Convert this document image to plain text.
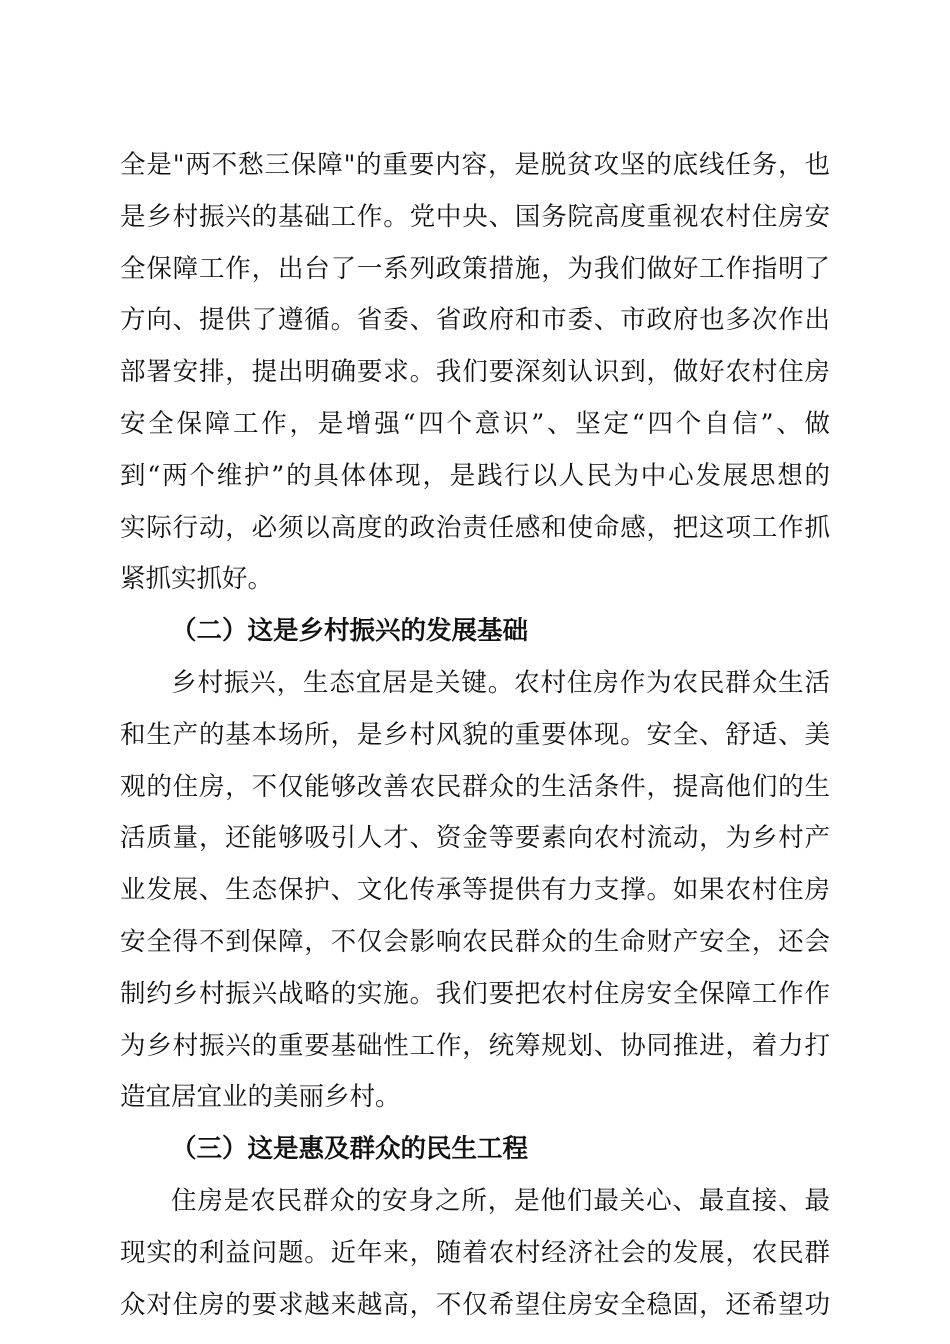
全是"两不愁三保障"的重要内容，是脱贫攻坚的底线任务，也
是乡村振兴的基础工作。党中央、国务院高度重视农村住房安
全保障工作，出台了一系列政策措施，为我们做好工作指明了
方向、提供了遵循。省委、省政府和市委、市政府也多次作出
部署安排，提出明确要求。我们要深刻认识到，做好农村住房
安全保障工作，是增强“四个意识”、坚定“四个自信”、做
到“两个维护”的具体体现，是践行以人民为中心发展思想的
实际行动，必须以高度的政治责任感和使命感，把这项工作抓
紧抓实抓好。
（二）这是乡村振兴的发展基础
乡村振兴，生态宜居是关键。农村住房作为农民群众生活
和生产的基本场所，是乡村风貌的重要体现。安全、舒适、美
观的住房，不仅能够改善农民群众的生活条件，提高他们的生
活质量，还能够吸引人才、资金等要素向农村流动，为乡村产
业发展、生态保护、文化传承等提供有力支撑。如果农村住房
安全得不到保障，不仅会影响农民群众的生命财产安全，还会
制约乡村振兴战略的实施。我们要把农村住房安全保障工作作
为乡村振兴的重要基础性工作，统筹规划、协同推进，着力打
造宜居宜业的美丽乡村。
（三）这是惠及群众的民生工程
住房是农民群众的安身之所，是他们最关心、最直接、最
现实的利益问题。近年来，随着农村经济社会的发展，农民群
众对住房的要求越来越高，不仅希望住房安全稳固，还希望功
